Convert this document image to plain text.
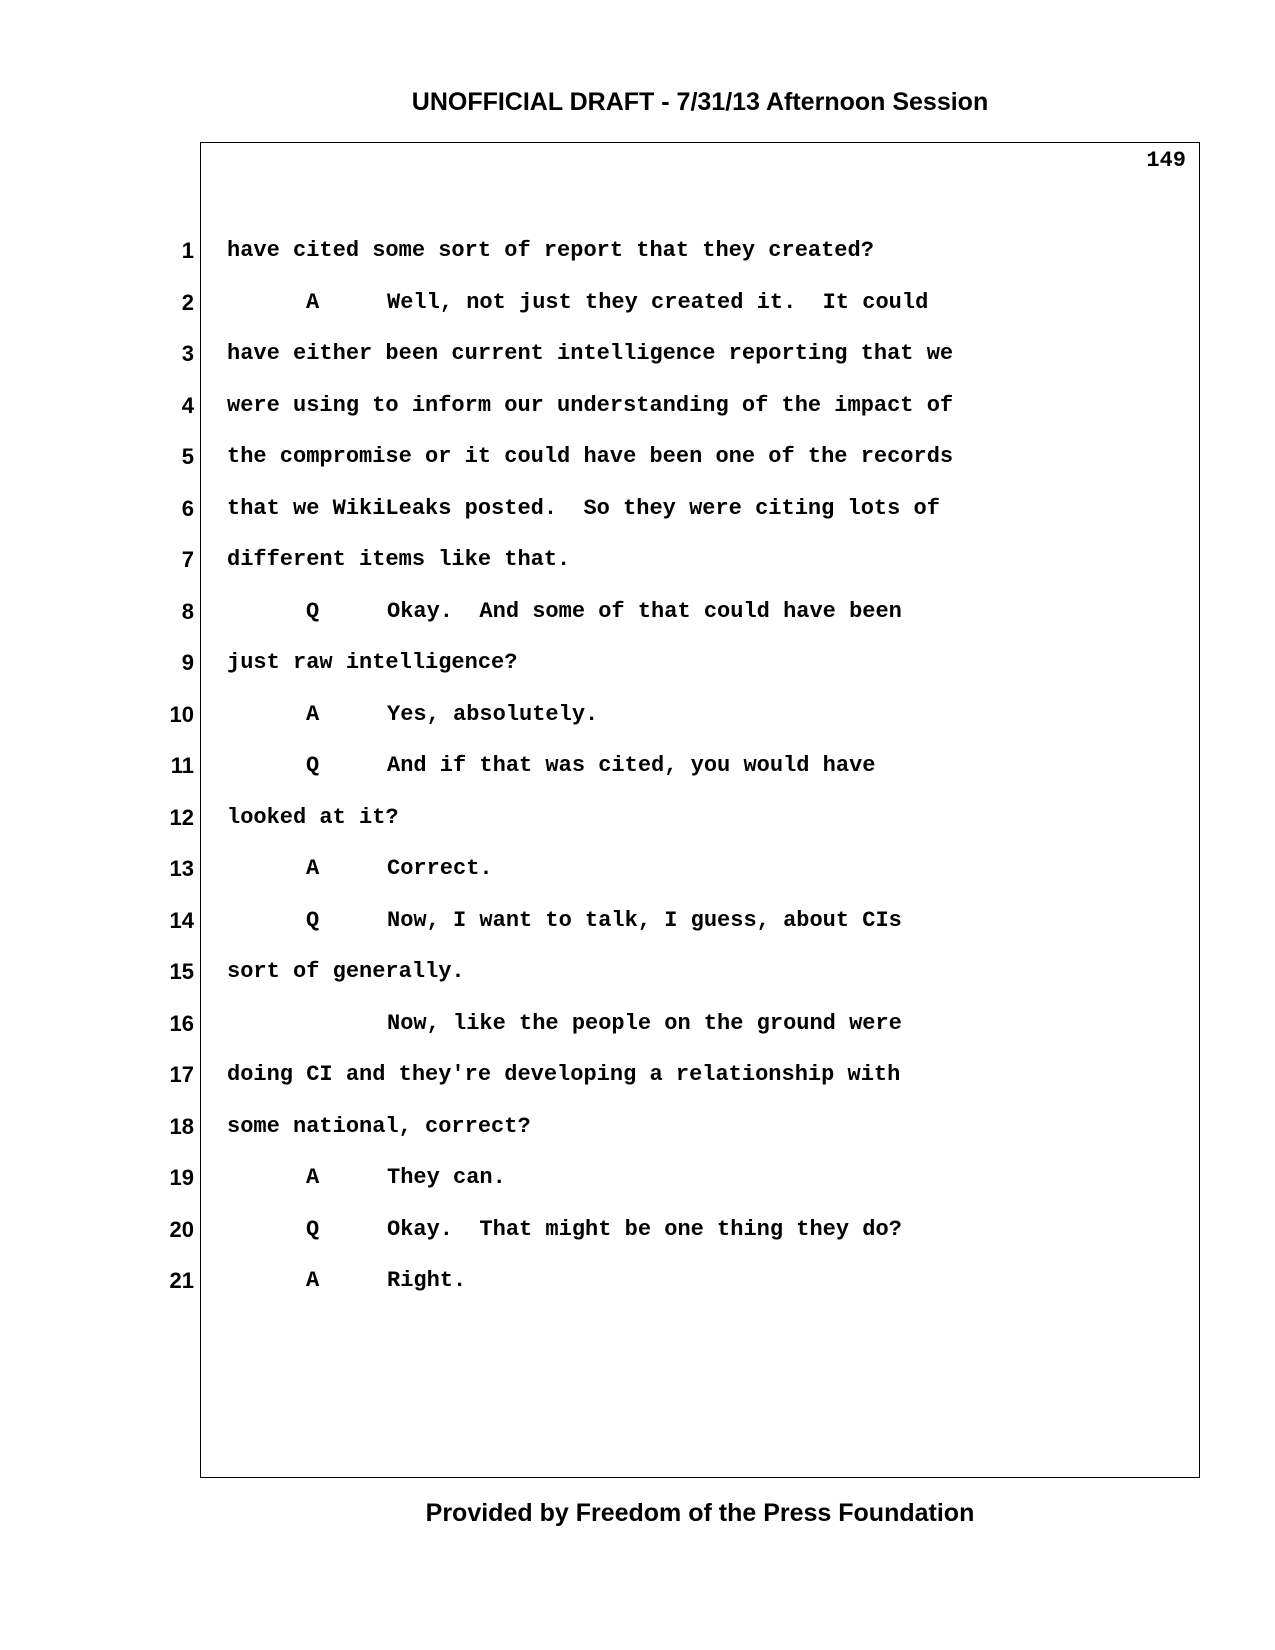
UNOFFICIAL DRAFT - 7/31/13 Afternoon Session
149
1 have cited some sort of report that they created?
2	A	Well, not just they created it.  It could
3 have either been current intelligence reporting that we
4 were using to inform our understanding of the impact of
5 the compromise or it could have been one of the records
6 that we WikiLeaks posted.  So they were citing lots of
7 different items like that.
8	Q	Okay.  And some of that could have been
9 just raw intelligence?
10	A	Yes, absolutely.
11	Q	And if that was cited, you would have
12 looked at it?
13	A	Correct.
14	Q	Now, I want to talk, I guess, about CIs
15 sort of generally.
16	Now, like the people on the ground were
17 doing CI and they're developing a relationship with
18 some national, correct?
19	A	They can.
20	Q	Okay.  That might be one thing they do?
21	A	Right.
Provided by Freedom of the Press Foundation
